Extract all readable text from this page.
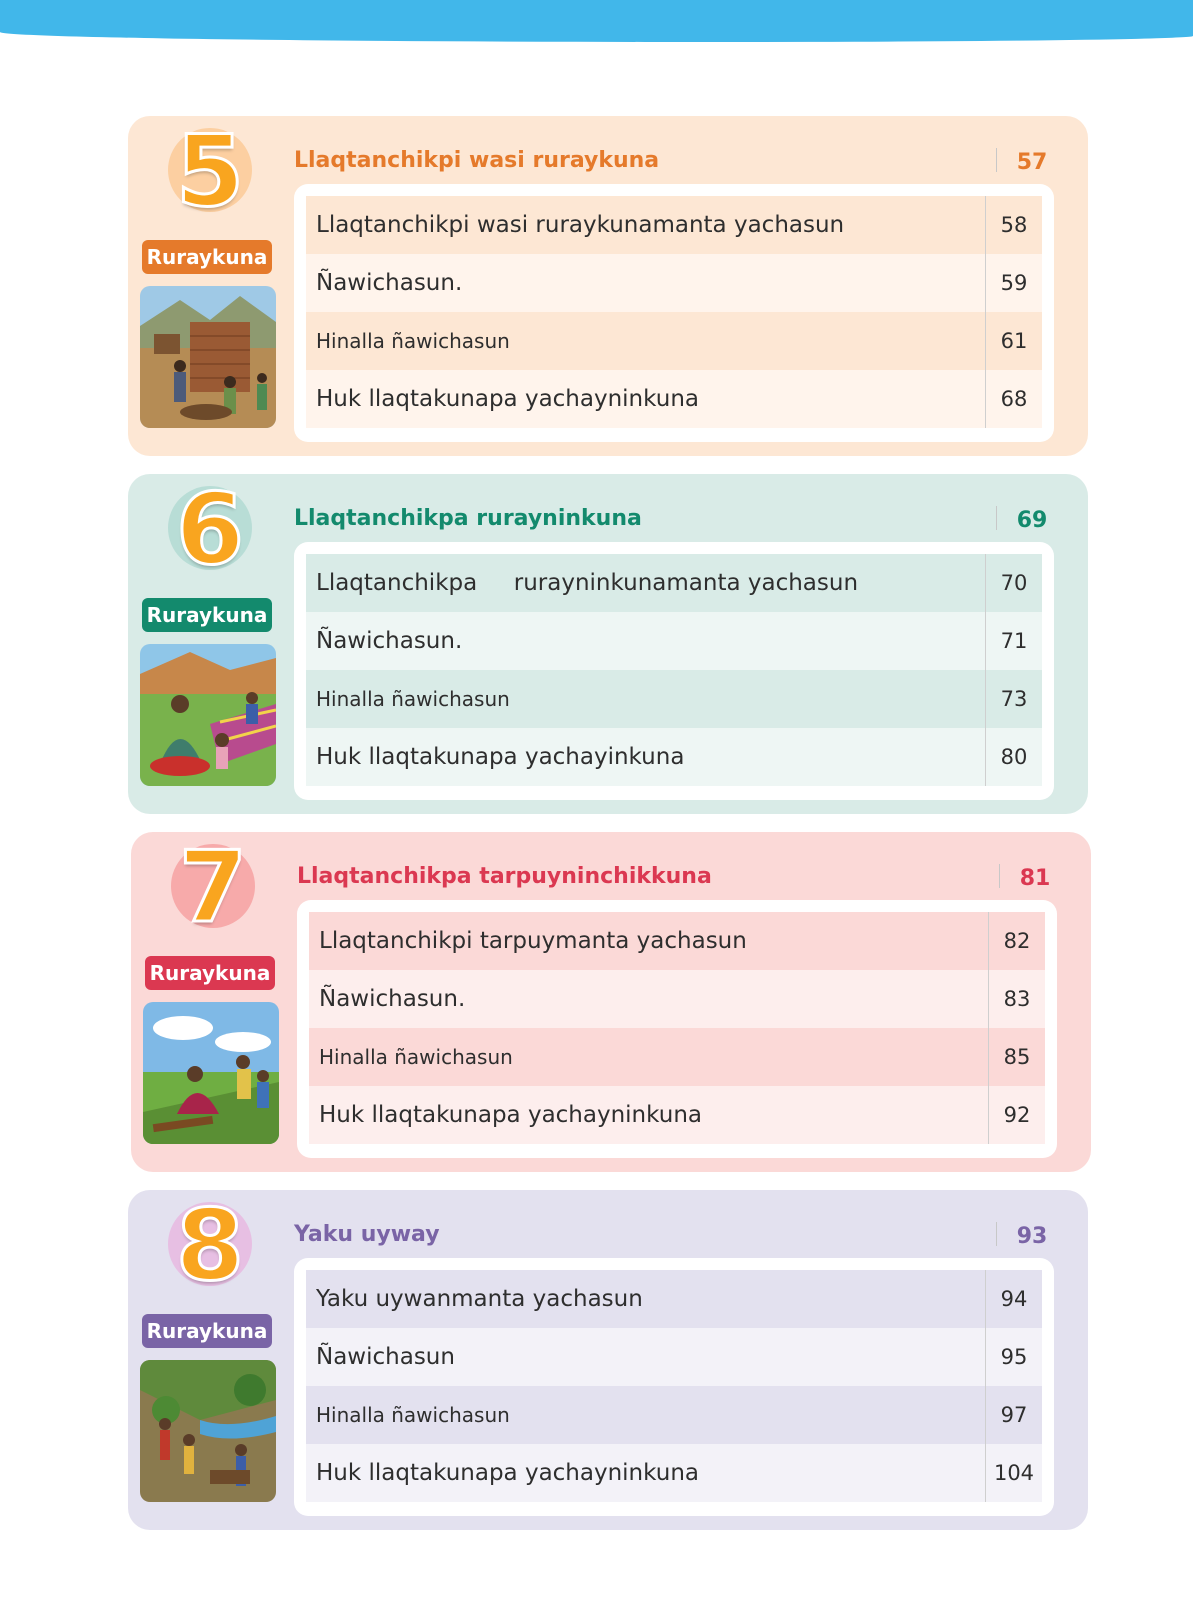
5
Ruraykuna
Llaqtanchikpi wasi ruraykuna	57
Llaqtanchikpi wasi ruraykunamanta yachasun	58
Ñawichasun.	59
Hinalla ñawichasun	61
Huk llaqtakunapa yachayninkuna	68
6
Ruraykuna
Llaqtanchikpa rurayninkuna	69
Llaqtanchikpa     rurayninkunamanta yachasun	70
Ñawichasun.	71
Hinalla ñawichasun	73
Huk llaqtakunapa yachayinkuna	80
7
Ruraykuna
Llaqtanchikpa tarpuyninchikkuna	81
Llaqtanchikpi tarpuymanta yachasun	82
Ñawichasun.	83
Hinalla ñawichasun	85
Huk llaqtakunapa yachayninkuna	92
8
Ruraykuna
Yaku uyway	93
Yaku uywanmanta yachasun	94
Ñawichasun	95
Hinalla ñawichasun	97
Huk llaqtakunapa yachayninkuna	104
